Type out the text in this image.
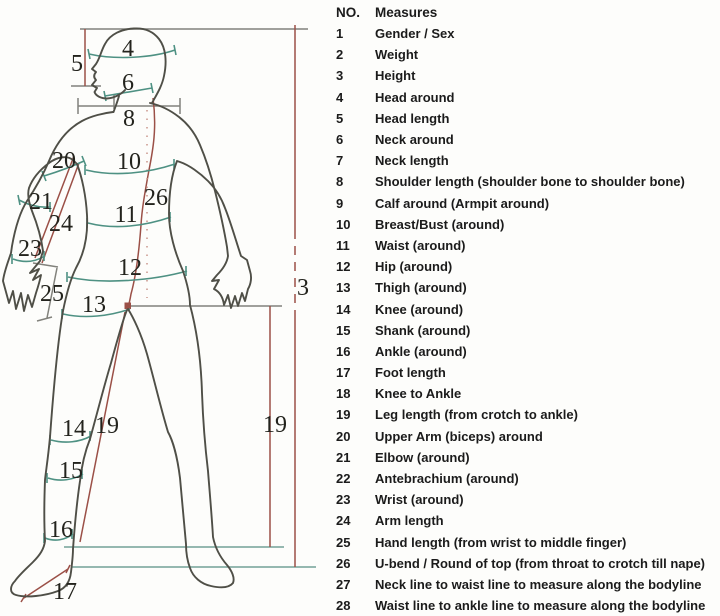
4
5
6
8
20 10
26
21	11
24
23
12
25 13
3
14 19
15
16
17
19
NO.	Measures
1	Gender / Sex
2	Weight
3	Height
4	Head around
5	Head length
6	Neck around
7	Neck length
8	Shoulder length (shoulder bone to shoulder bone)
9	Calf around (Armpit around)
10	Breast/Bust (around)
11	Waist (around)
12	Hip (around)
13	Thigh (around)
14	Knee (around)
15	Shank (around)
16	Ankle (around)
17	Foot length
18	Knee to Ankle
19	Leg length (from crotch to ankle)
20	Upper Arm (biceps) around
21	Elbow (around)
22	Antebrachium (around)
23	Wrist (around)
24	Arm length
25	Hand length (from wrist to middle finger)
26	U-bend / Round of top (from throat to crotch till nape)
27	Neck line to waist line to measure along the bodyline
28	Waist line to ankle line to measure along the bodyline
